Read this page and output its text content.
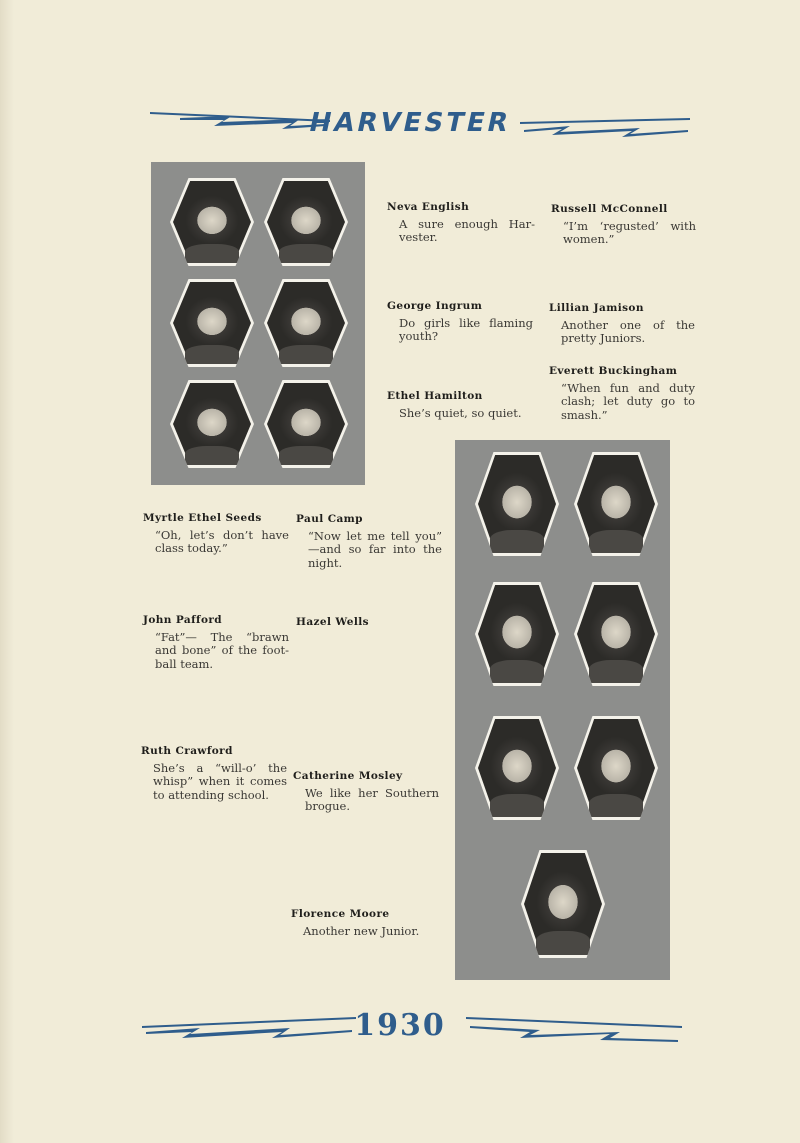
HARVESTER
Neva English
A sure enough Har-vester.
Russell McConnell
“I’m ‘regusted’ with women.”
George Ingrum
Do girls like flaming youth?
Lillian Jamison
Another one of the pretty Juniors.
Everett Buckingham
“When fun and duty clash; let duty go to smash.”
Ethel Hamilton
She’s quiet, so quiet.
Myrtle Ethel Seeds
“Oh, let’s don’t have class today.”
Paul Camp
“Now let me tell you” —and so far into the night.
John Pafford
“Fat”— The “brawn and bone” of the foot-ball team.
Hazel Wells
Ruth Crawford
She’s a “will-o’ the whisp” when it comes to attending school.
Catherine Mosley
We like her Southern brogue.
Florence Moore
Another new Junior.
1930
